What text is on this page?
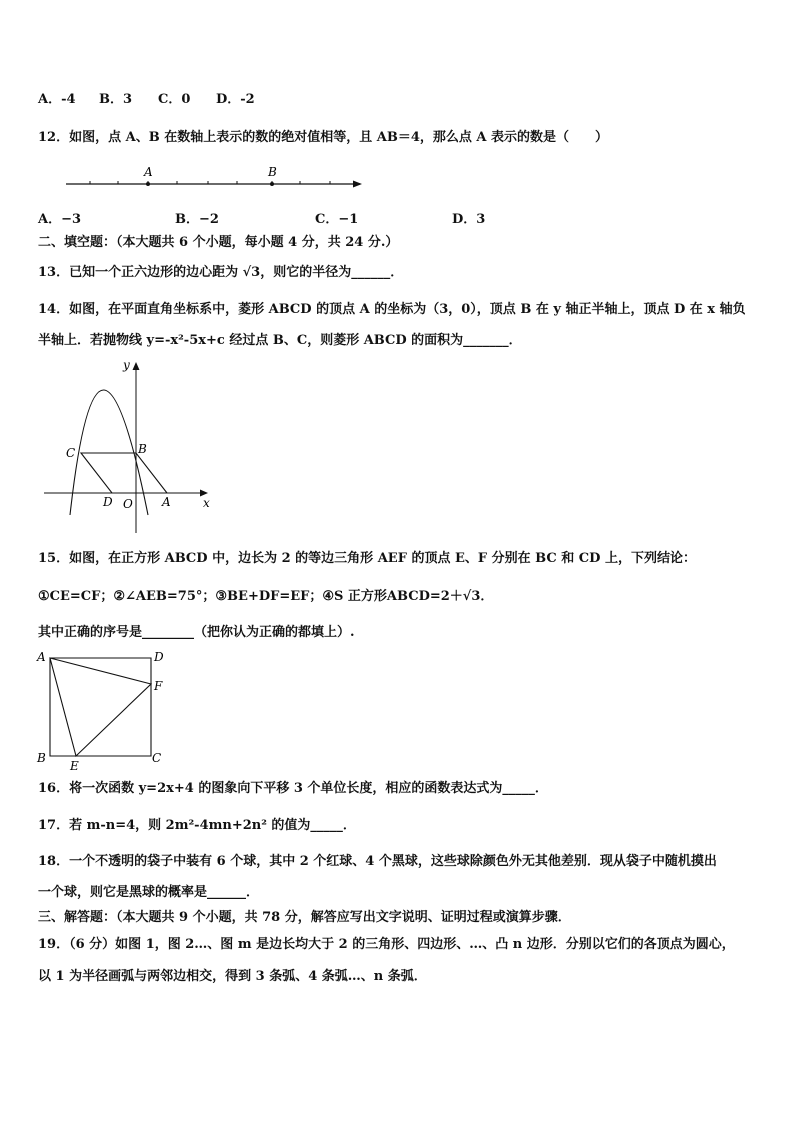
A．-4 B．3 C．0 D．-2
12．如图，点 A、B 在数轴上表示的数的绝对值相等，且 AB＝4，那么点 A 表示的数是（　　）
A	B
A．−3	B．−2	C．−1	D．3
二、填空题：（本大题共 6 个小题，每小题 4 分，共 24 分.）
13．已知一个正六边形的边心距为 √3，则它的半径为______．
14．如图，在平面直角坐标系中，菱形 ABCD 的顶点 A 的坐标为（3，0），顶点 B 在 y 轴正半轴上，顶点 D 在 x 轴负
半轴上．若抛物线 y=-x²-5x+c 经过点 B、C，则菱形 ABCD 的面积为_______．
y
x
C	B
D O A
15．如图，在正方形 ABCD 中，边长为 2 的等边三角形 AEF 的顶点 E、F 分别在 BC 和 CD 上，下列结论：
①CE=CF；②∠AEB=75°；③BE+DF=EF；④S 正方形ABCD=2＋√3．
其中正确的序号是________（把你认为正确的都填上）.
A	D
F
B
E
C
16．将一次函数 y=2x+4 的图象向下平移 3 个单位长度，相应的函数表达式为_____．
17．若 m-n=4，则 2m²-4mn+2n² 的值为_____．
18．一个不透明的袋子中装有 6 个球，其中 2 个红球、4 个黑球，这些球除颜色外无其他差别．现从袋子中随机摸出
一个球，则它是黑球的概率是______．
三、解答题：（本大题共 9 个小题，共 78 分，解答应写出文字说明、证明过程或演算步骤．
19．（6 分）如图 1，图 2…、图 m 是边长均大于 2 的三角形、四边形、…、凸 n 边形．分别以它们的各顶点为圆心，
以 1 为半径画弧与两邻边相交，得到 3 条弧、4 条弧…、n 条弧．
